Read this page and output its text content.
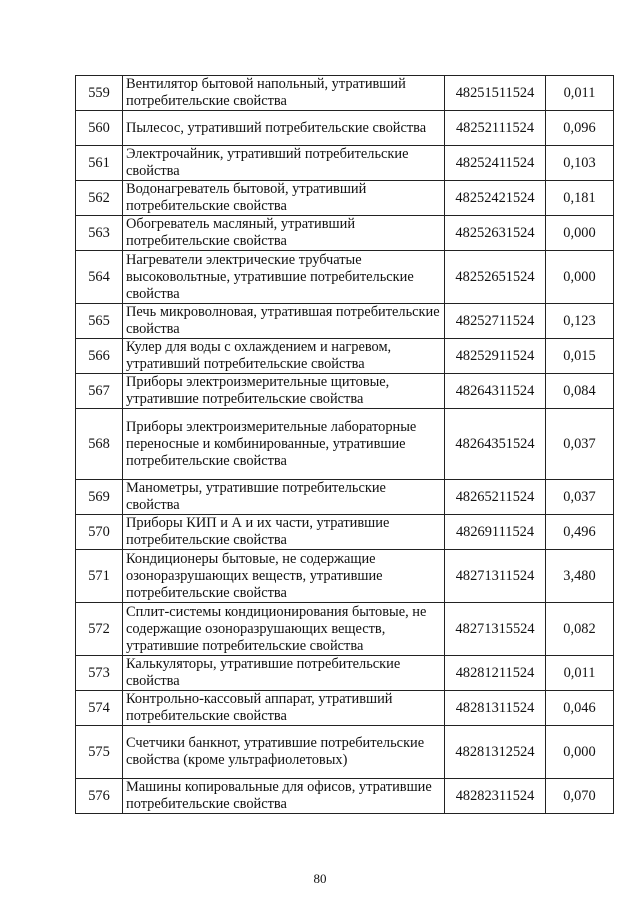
559	Вентилятор бытовой напольный, утративший потребительские свойства	48251511524	0,011
560	Пылесос, утративший потребительские свойства	48252111524	0,096
561	Электрочайник, утративший потребительские свойства	48252411524	0,103
562	Водонагреватель бытовой, утративший потребительские свойства	48252421524	0,181
563	Обогреватель масляный, утративший потребительские свойства	48252631524	0,000
564	Нагреватели электрические трубчатые высоковольтные, утратившие потребительские свойства	48252651524	0,000
565	Печь микроволновая, утратившая потребительские свойства	48252711524	0,123
566	Кулер для воды с охлаждением и нагревом, утративший потребительские свойства	48252911524	0,015
567	Приборы электроизмерительные щитовые, утратившие потребительские свойства	48264311524	0,084
568	Приборы электроизмерительные лабораторные переносные и комбинированные, утратившие потребительские свойства	48264351524	0,037
569	Манометры, утратившие потребительские свойства	48265211524	0,037
570	Приборы КИП и А и их части, утратившие потребительские свойства	48269111524	0,496
571	Кондиционеры бытовые, не содержащие озоноразрушающих веществ, утратившие потребительские свойства	48271311524	3,480
572	Сплит-системы кондиционирования бытовые, не содержащие озоноразрушающих веществ, утратившие потребительские свойства	48271315524	0,082
573	Калькуляторы, утратившие потребительские свойства	48281211524	0,011
574	Контрольно-кассовый аппарат, утративший потребительские свойства	48281311524	0,046
575	Счетчики банкнот, утратившие потребительские свойства (кроме ультрафиолетовых)	48281312524	0,000
576	Машины копировальные для офисов, утратившие потребительские свойства	48282311524	0,070
80
